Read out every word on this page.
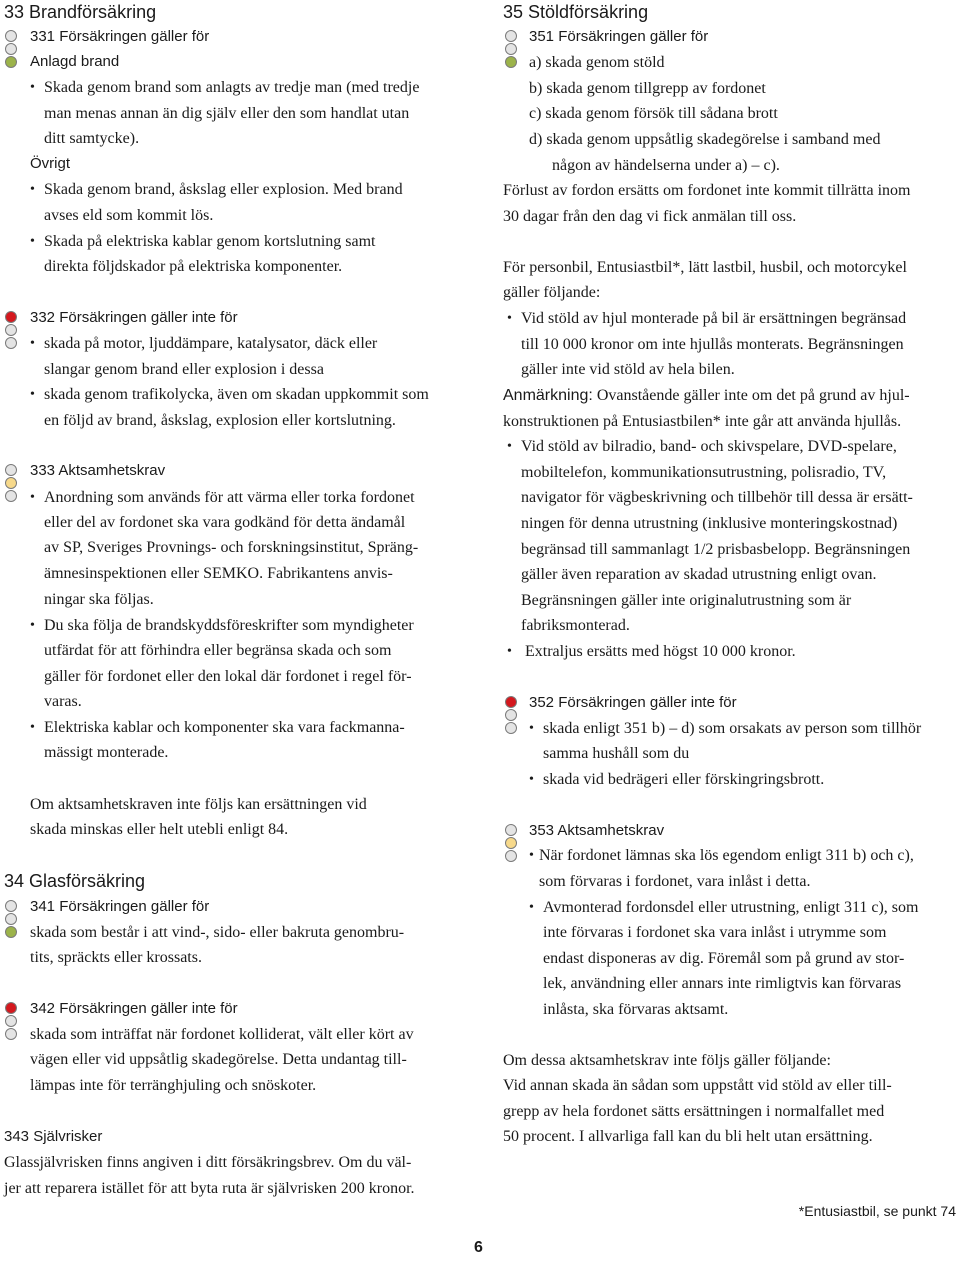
33 Brandförsäkring
331 Försäkringen gäller för
Anlagd brand
• Skada genom brand som anlagts av tredje man (med tredje
man menas annan än dig själv eller den som handlat utan
ditt samtycke).
Övrigt
• Skada genom brand, åskslag eller explosion. Med brand
avses eld som kommit lös.
• Skada på elektriska kablar genom kortslutning samt
direkta följdskador på elektriska komponenter.
332 Försäkringen gäller inte för
• skada på motor, ljuddämpare, katalysator, däck eller
slangar genom brand eller explosion i dessa
• skada genom trafikolycka, även om skadan uppkommit som
en följd av brand, åskslag, explosion eller kortslutning.
333 Aktsamhetskrav
• Anordning som används för att värma eller torka fordonet
eller del av fordonet ska vara godkänd för detta ändamål
av SP, Sveriges Provnings- och forskningsinstitut, Spräng-
ämnesinspektionen eller SEMKO. Fabrikantens anvis-
ningar ska följas.
• Du ska följa de brandskyddsföreskrifter som myndigheter
utfärdat för att förhindra eller begränsa skada och som
gäller för fordonet eller den lokal där fordonet i regel för-
varas.
• Elektriska kablar och komponenter ska vara fackmanna-
mässigt monterade.
Om aktsamhetskraven inte följs kan ersättningen vid
skada minskas eller helt utebli enligt 84.
34 Glasförsäkring
341 Försäkringen gäller för
skada som består i att vind-, sido- eller bakruta genombru-
tits, spräckts eller krossats.
342 Försäkringen gäller inte för
skada som inträffat när fordonet kolliderat, vält eller kört av
vägen eller vid uppsåtlig skadegörelse. Detta undantag till-
lämpas inte för terränghjuling och snöskoter.
343 Självrisker
Glassjälvrisken finns angiven i ditt försäkringsbrev. Om du väl-
jer att reparera istället för att byta ruta är självrisken 200 kronor.
35 Stöldförsäkring
351 Försäkringen gäller för
a) skada genom stöld
b) skada genom tillgrepp av fordonet
c) skada genom försök till sådana brott
d) skada genom uppsåtlig skadegörelse i samband med
någon av händelserna under a) – c).
Förlust av fordon ersätts om fordonet inte kommit tillrätta inom
30 dagar från den dag vi fick anmälan till oss.
För personbil, Entusiastbil*, lätt lastbil, husbil, och motorcykel
gäller följande:
• Vid stöld av hjul monterade på bil är ersättningen begränsad
till 10 000 kronor om inte hjullås monterats. Begränsningen
gäller inte vid stöld av hela bilen.
Anmärkning: Ovanstående gäller inte om det på grund av hjul-
konstruktionen på Entusiastbilen* inte går att använda hjullås.
• Vid stöld av bilradio, band- och skivspelare, DVD-spelare,
mobiltelefon, kommunikationsutrustning, polisradio, TV,
navigator för vägbeskrivning och tillbehör till dessa är ersätt-
ningen för denna utrustning (inklusive monteringskostnad)
begränsad till sammanlagt 1/2 prisbasbelopp. Begränsningen
gäller även reparation av skadad utrustning enligt ovan.
Begränsningen gäller inte originalutrustning som är
fabriksmonterad.
• Extraljus ersätts med högst 10 000 kronor.
352 Försäkringen gäller inte för
• skada enligt 351 b) – d) som orsakats av person som tillhör
samma hushåll som du
• skada vid bedrägeri eller förskingringsbrott.
353 Aktsamhetskrav
• När fordonet lämnas ska lös egendom enligt 311 b) och c),
som förvaras i fordonet, vara inlåst i detta.
• Avmonterad fordonsdel eller utrustning, enligt 311 c), som
inte förvaras i fordonet ska vara inlåst i utrymme som
endast disponeras av dig. Föremål som på grund av stor-
lek, användning eller annars inte rimligtvis kan förvaras
inlåsta, ska förvaras aktsamt.
Om dessa aktsamhetskrav inte följs gäller följande:
Vid annan skada än sådan som uppstått vid stöld av eller till-
grepp av hela fordonet sätts ersättningen i normalfallet med
50 procent. I allvarliga fall kan du bli helt utan ersättning.
*Entusiastbil, se punkt 74
6
